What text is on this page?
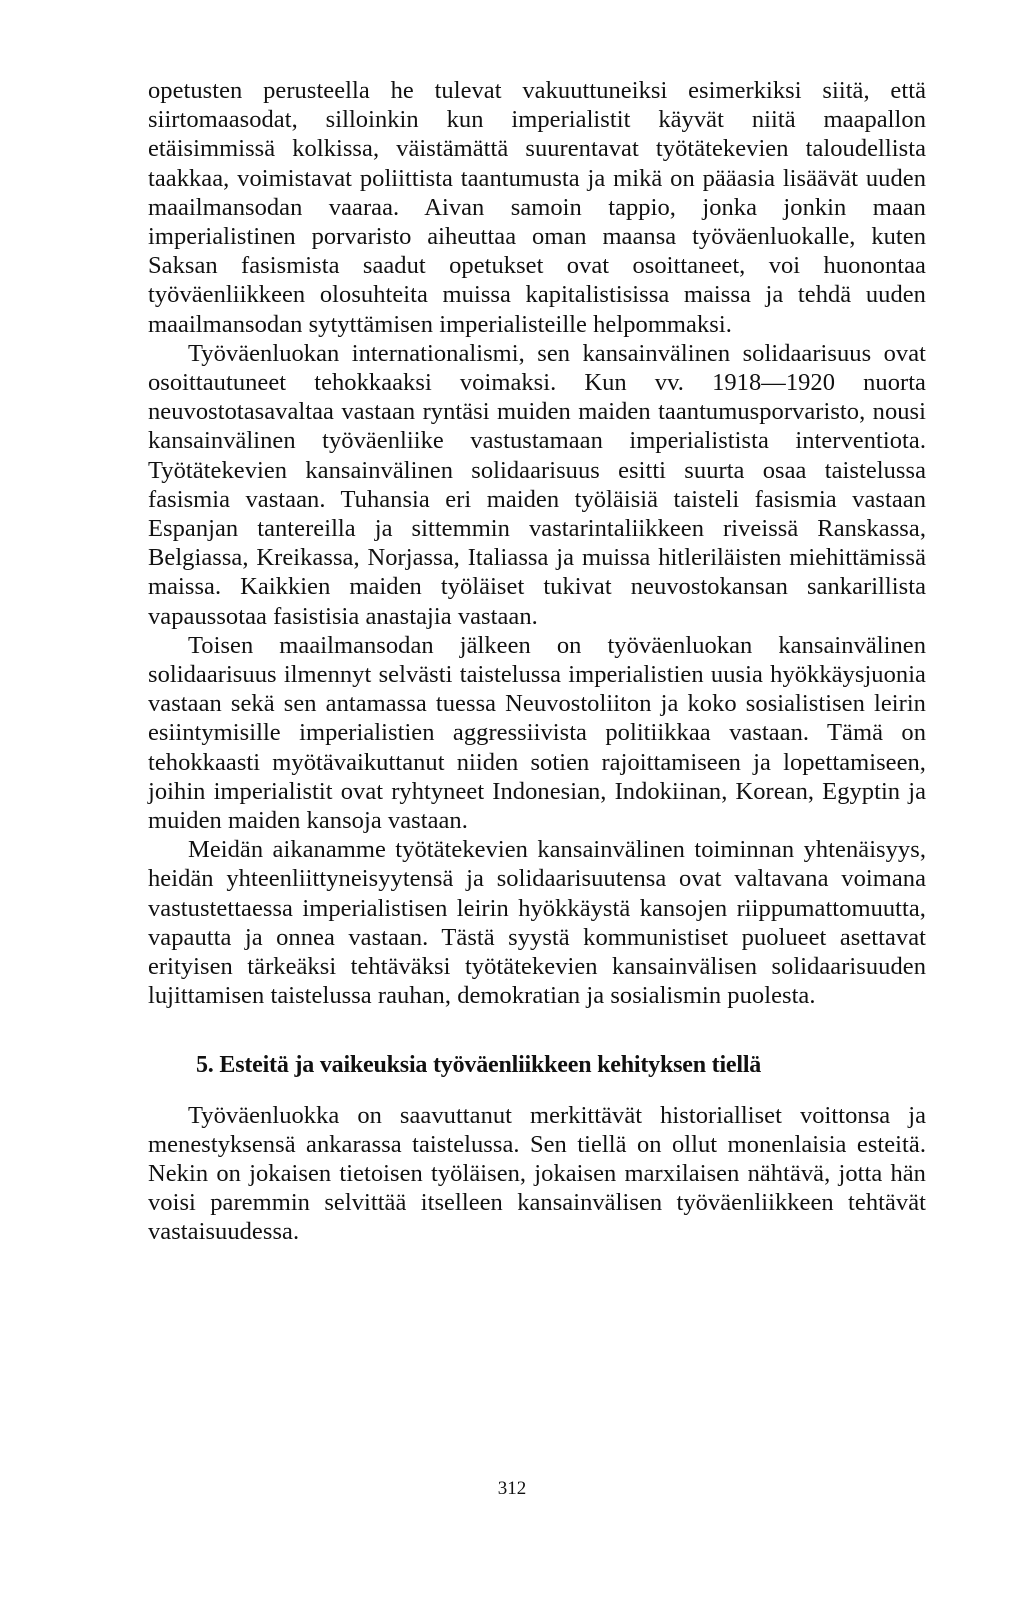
opetusten perusteella he tulevat vakuuttuneiksi esimerkiksi siitä, että siirtomaasodat, silloinkin kun imperialistit käyvät niitä maapallon etäisimmissä kolkissa, väistämättä suurentavat työtätekevien taloudellista taakkaa, voimistavat poliittista taantumusta ja mikä on pääasia lisäävät uuden maailmansodan vaaraa. Aivan samoin tappio, jonka jonkin maan imperialistinen porvaristo aiheuttaa oman maansa työväenluokalle, kuten Saksan fasismista saadut opetukset ovat osoittaneet, voi huonontaa työväenliikkeen olosuhteita muissa kapitalistisissa maissa ja tehdä uuden maailmansodan sytyttämisen imperialisteille helpommaksi.

Työväenluokan internationalismi, sen kansainvälinen solidaarisuus ovat osoittautuneet tehokkaaksi voimaksi. Kun vv. 1918—1920 nuorta neuvostotasavaltaa vastaan ryntäsi muiden maiden taantumusporvaristo, nousi kansainvälinen työväenliike vastustamaan imperialistista interventiota. Työtätekevien kansainvälinen solidaarisuus esitti suurta osaa taistelussa fasismia vastaan. Tuhansia eri maiden työläisiä taisteli fasismia vastaan Espanjan tantereilla ja sittemmin vastarintaliikkeen riveissä Ranskassa, Belgiassa, Kreikassa, Norjassa, Italiassa ja muissa hitleriläisten miehittämissä maissa. Kaikkien maiden työläiset tukivat neuvostokansan sankarillista vapaussotaa fasistisia anastajia vastaan.

Toisen maailmansodan jälkeen on työväenluokan kansainvälinen solidaarisuus ilmennyt selvästi taistelussa imperialistien uusia hyökkäysjuonia vastaan sekä sen antamassa tuessa Neuvostoliiton ja koko sosialistisen leirin esiintymisille imperialistien aggressiivista politiikkaa vastaan. Tämä on tehokkaasti myötävaikuttanut niiden sotien rajoittamiseen ja lopettamiseen, joihin imperialistit ovat ryhtyneet Indonesian, Indokiinan, Korean, Egyptin ja muiden maiden kansoja vastaan.

Meidän aikanamme työtätekevien kansainvälinen toiminnan yhtenäisyys, heidän yhteenliittyneisyytensä ja solidaarisuutensa ovat valtavana voimana vastustettaessa imperialistisen leirin hyökkäystä kansojen riippumattomuutta, vapautta ja onnea vastaan. Tästä syystä kommunistiset puolueet asettavat erityisen tärkeäksi tehtäväksi työtätekevien kansainvälisen solidaarisuuden lujittamisen taistelussa rauhan, demokratian ja sosialismin puolesta.

5. Esteitä ja vaikeuksia työväenliikkeen kehityksen tiellä

Työväenluokka on saavuttanut merkittävät historialliset voittonsa ja menestyksensä ankarassa taistelussa. Sen tiellä on ollut monenlaisia esteitä. Nekin on jokaisen tietoisen työläisen, jokaisen marxilaisen nähtävä, jotta hän voisi paremmin selvittää itselleen kansainvälisen työväenliikkeen tehtävät vastaisuudessa.

312
